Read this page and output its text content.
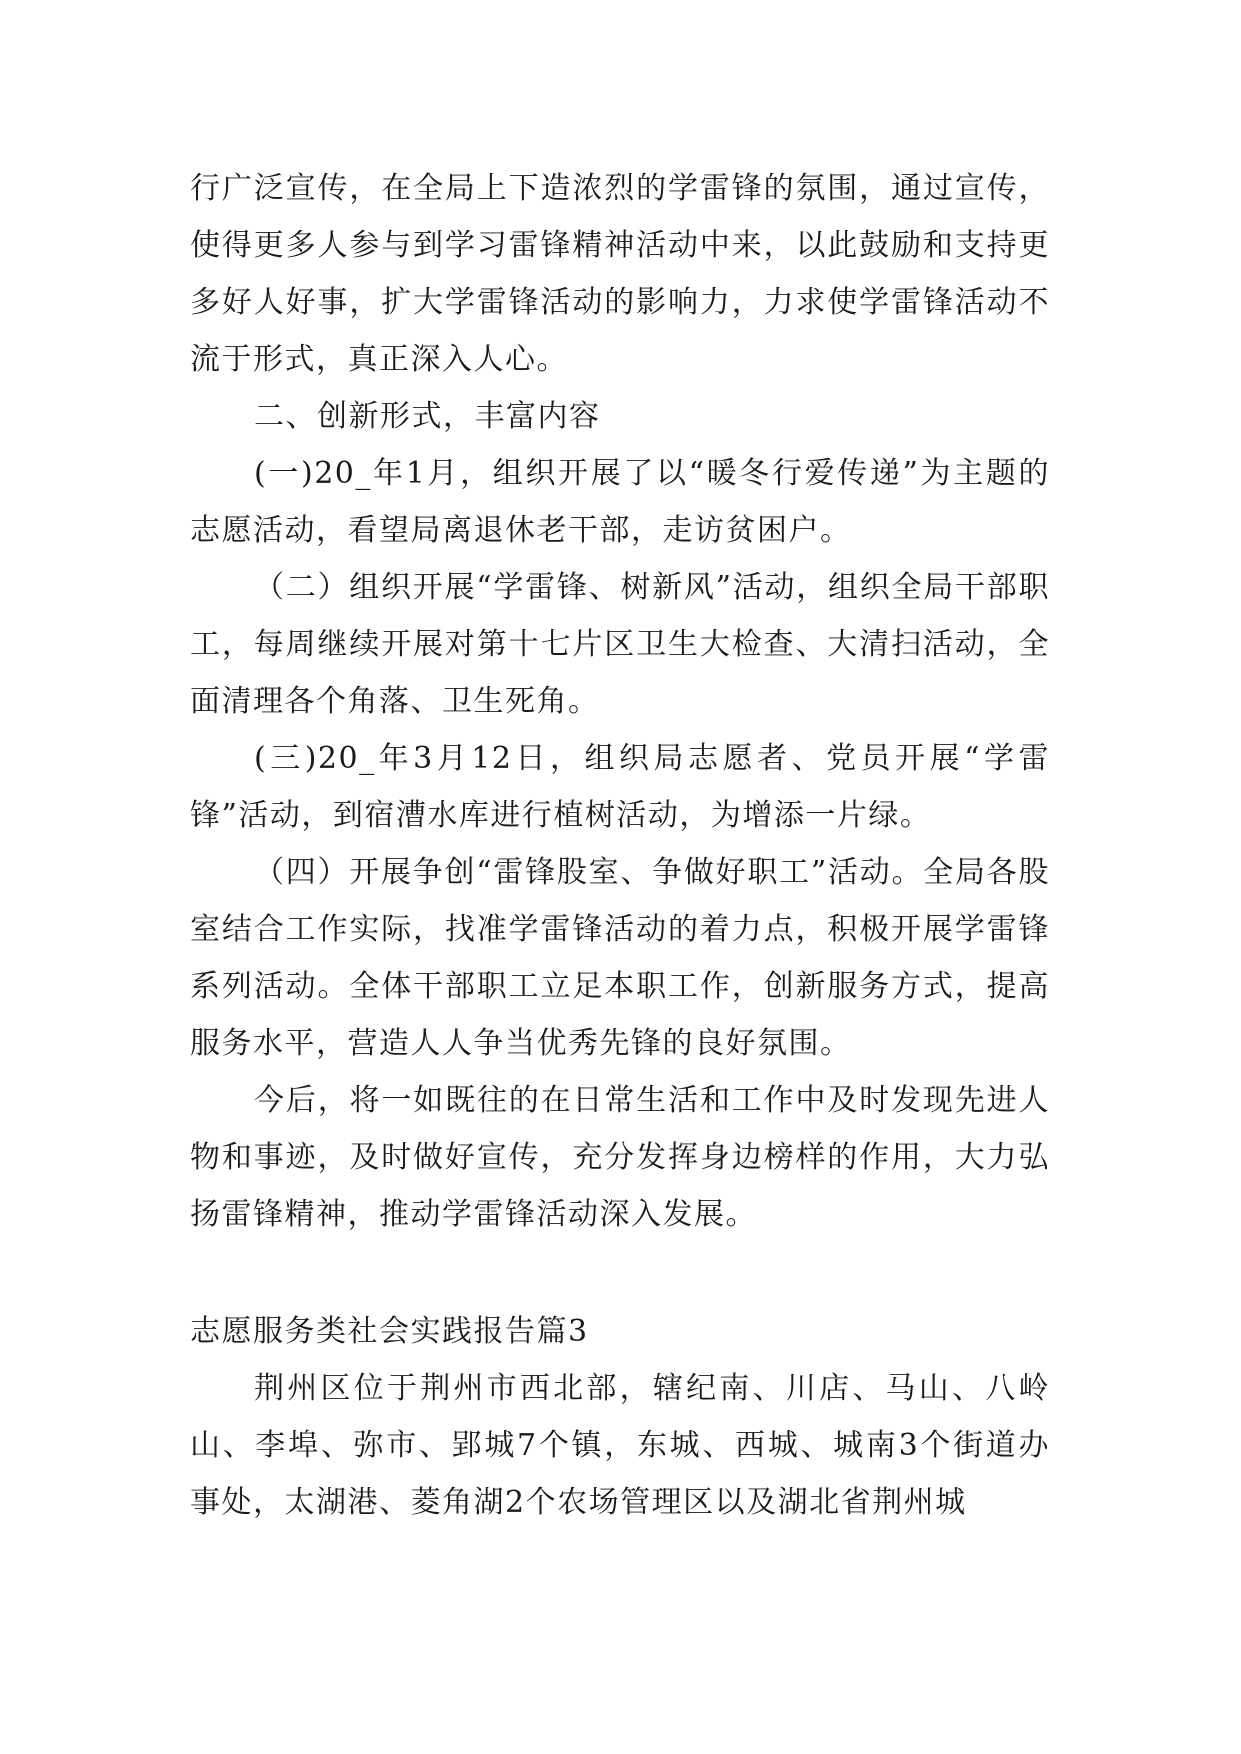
行广泛宣传，在全局上下造浓烈的学雷锋的氛围，通过宣传，使得更多人参与到学习雷锋精神活动中来，以此鼓励和支持更多好人好事，扩大学雷锋活动的影响力，力求使学雷锋活动不流于形式，真正深入人心。

二、创新形式，丰富内容

(一)20_年1月，组织开展了以“暖冬行爱传递”为主题的志愿活动，看望局离退休老干部，走访贫困户。

（二）组织开展“学雷锋、树新风”活动，组织全局干部职工，每周继续开展对第十七片区卫生大检查、大清扫活动，全面清理各个角落、卫生死角。

(三)20_年3月12日，组织局志愿者、党员开展“学雷锋”活动，到宿漕水库进行植树活动，为增添一片绿。

（四）开展争创“雷锋股室、争做好职工”活动。全局各股室结合工作实际，找准学雷锋活动的着力点，积极开展学雷锋系列活动。全体干部职工立足本职工作，创新服务方式，提高服务水平，营造人人争当优秀先锋的良好氛围。

今后，将一如既往的在日常生活和工作中及时发现先进人物和事迹，及时做好宣传，充分发挥身边榜样的作用，大力弘扬雷锋精神，推动学雷锋活动深入发展。

志愿服务类社会实践报告篇3

荆州区位于荆州市西北部，辖纪南、川店、马山、八岭山、李埠、弥市、郢城7个镇，东城、西城、城南3个街道办事处，太湖港、菱角湖2个农场管理区以及湖北省荆州城
